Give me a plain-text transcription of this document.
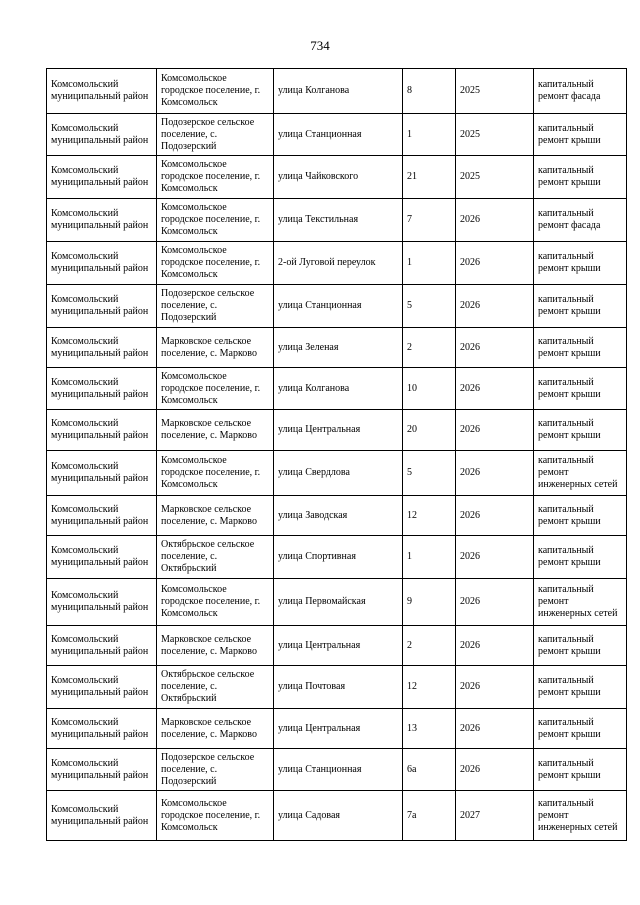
734
Комсомольский муниципальный район	Комсомольское городское поселение, г. Комсомольск	улица Колганова	8	2025	капитальный ремонт фасада
Комсомольский муниципальный район	Подозерское сельское поселение, с. Подозерский	улица Станционная	1	2025	капитальный ремонт крыши
Комсомольский муниципальный район	Комсомольское городское поселение, г. Комсомольск	улица Чайковского	21	2025	капитальный ремонт крыши
Комсомольский муниципальный район	Комсомольское городское поселение, г. Комсомольск	улица Текстильная	7	2026	капитальный ремонт фасада
Комсомольский муниципальный район	Комсомольское городское поселение, г. Комсомольск	2-ой Луговой переулок	1	2026	капитальный ремонт крыши
Комсомольский муниципальный район	Подозерское сельское поселение, с. Подозерский	улица Станционная	5	2026	капитальный ремонт крыши
Комсомольский муниципальный район	Марковское сельское поселение, с. Марково	улица Зеленая	2	2026	капитальный ремонт крыши
Комсомольский муниципальный район	Комсомольское городское поселение, г. Комсомольск	улица Колганова	10	2026	капитальный ремонт крыши
Комсомольский муниципальный район	Марковское сельское поселение, с. Марково	улица Центральная	20	2026	капитальный ремонт крыши
Комсомольский муниципальный район	Комсомольское городское поселение, г. Комсомольск	улица Свердлова	5	2026	капитальный ремонт инженерных сетей
Комсомольский муниципальный район	Марковское сельское поселение, с. Марково	улица Заводская	12	2026	капитальный ремонт крыши
Комсомольский муниципальный район	Октябрьское сельское поселение, с. Октябрьский	улица Спортивная	1	2026	капитальный ремонт крыши
Комсомольский муниципальный район	Комсомольское городское поселение, г. Комсомольск	улица Первомайская	9	2026	капитальный ремонт инженерных сетей
Комсомольский муниципальный район	Марковское сельское поселение, с. Марково	улица Центральная	2	2026	капитальный ремонт крыши
Комсомольский муниципальный район	Октябрьское сельское поселение, с. Октябрьский	улица Почтовая	12	2026	капитальный ремонт крыши
Комсомольский муниципальный район	Марковское сельское поселение, с. Марково	улица Центральная	13	2026	капитальный ремонт крыши
Комсомольский муниципальный район	Подозерское сельское поселение, с. Подозерский	улица Станционная	6а	2026	капитальный ремонт крыши
Комсомольский муниципальный район	Комсомольское городское поселение, г. Комсомольск	улица Садовая	7а	2027	капитальный ремонт инженерных сетей
